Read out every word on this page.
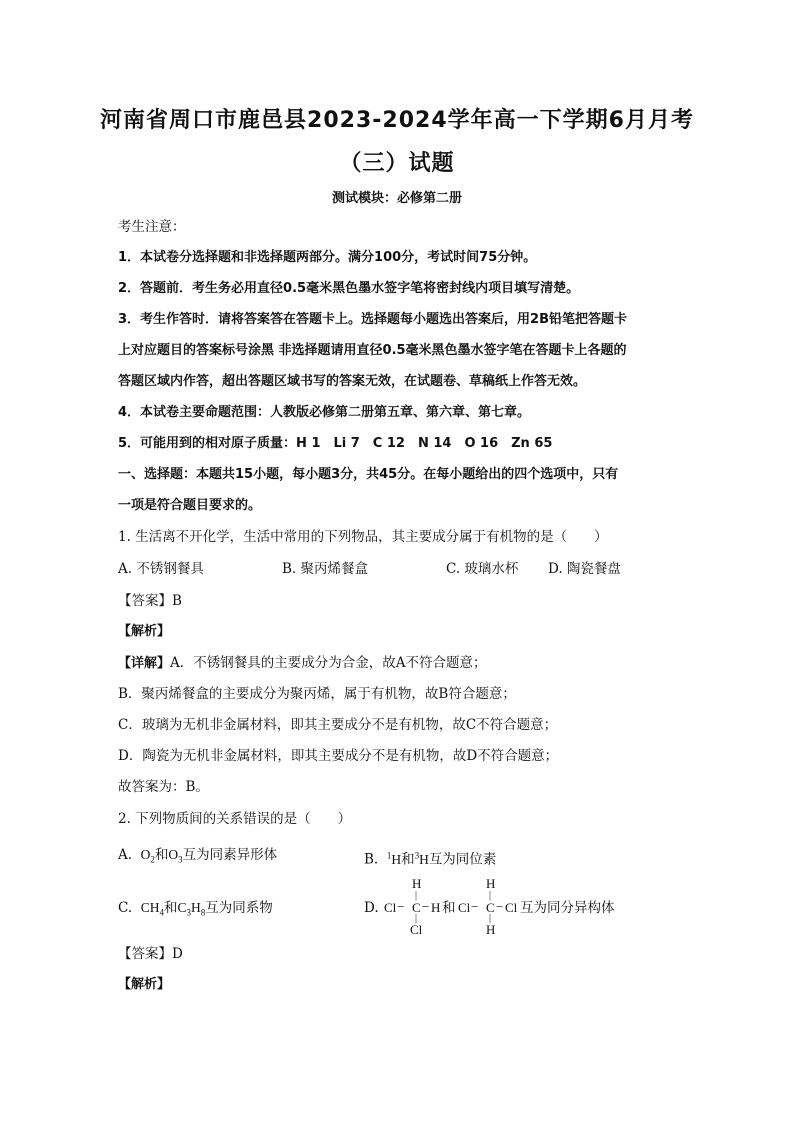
河南省周口市鹿邑县2023-2024学年高一下学期6月月考
（三）试题
测试模块：必修第二册
考生注意：
1．本试卷分选择题和非选择题两部分。满分100分，考试时间75分钟。
2．答题前．考生务必用直径0.5毫米黑色墨水签字笔将密封线内项目填写清楚。
3．考生作答时．请将答案答在答题卡上。选择题每小题选出答案后，用2B铅笔把答题卡
上对应题目的答案标号涂黑 非选择题请用直径0.5毫米黑色墨水签字笔在答题卡上各题的
答题区域内作答，超出答题区域书写的答案无效，在试题卷、草稿纸上作答无效。
4．本试卷主要命题范围：人教版必修第二册第五章、第六章、第七章。
5．可能用到的相对原子质量：H 1　Li 7　C 12　N 14　O 16　Zn 65
一、选择题：本题共15小题，每小题3分，共45分。在每小题给出的四个选项中，只有
一项是符合题目要求的。
1. 生活离不开化学，生活中常用的下列物品，其主要成分属于有机物的是（　　）
A. 不锈钢餐具	B. 聚丙烯餐盒	C. 玻璃水杯 D. 陶瓷餐盘
【答案】B
【解析】
【详解】A．不锈钢餐具的主要成分为合金，故A不符合题意；
B．聚丙烯餐盒的主要成分为聚丙烯，属于有机物，故B符合题意；
C．玻璃为无机非金属材料，即其主要成分不是有机物，故C不符合题意；
D．陶瓷为无机非金属材料，即其主要成分不是有机物，故D不符合题意；
故答案为：B。
2. 下列物质间的关系错误的是（　　）
A. $O_2$和$O_3$互为同素异形体	B. $^1$H和$^3$H互为同位素
C. $CH_4$和$C_3H_8$互为同系物	D.
H
|
Cl − C − H
|
Cl
和
H
|
Cl − C − Cl
|
H
互为同分异构体
【答案】D
【解析】
